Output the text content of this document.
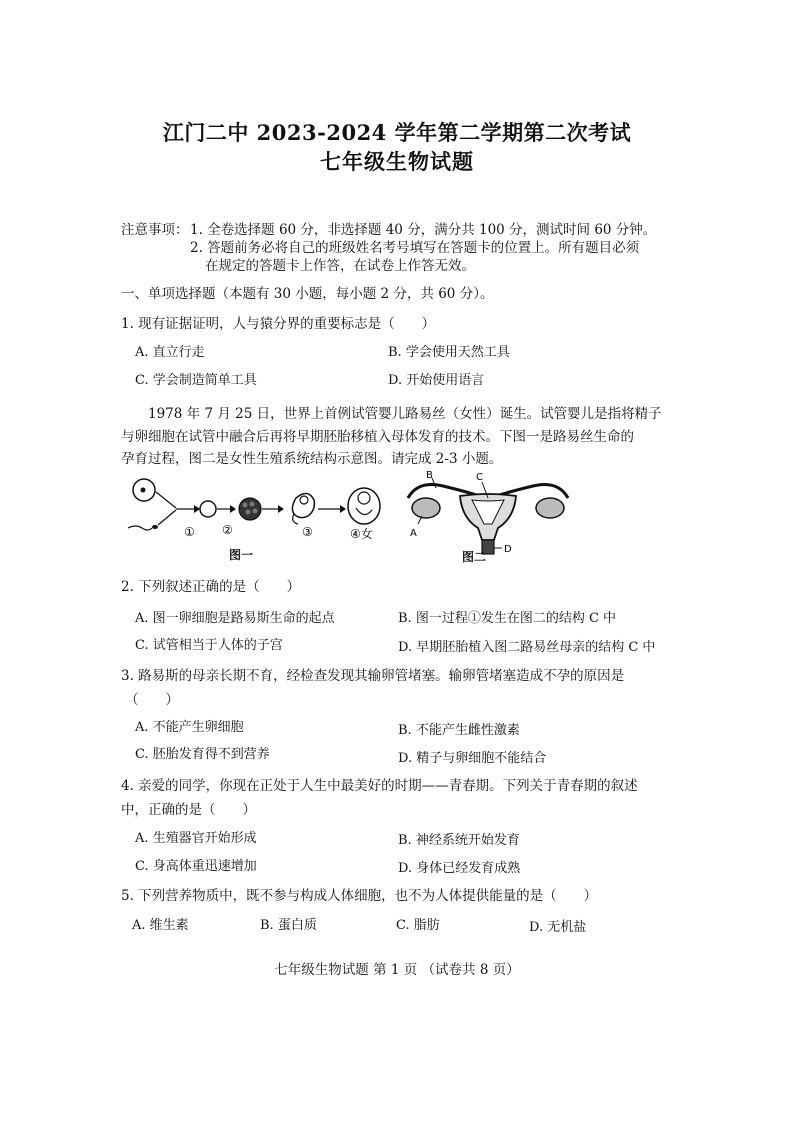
江门二中 2023-2024 学年第二学期第二次考试
七年级生物试题
注意事项： 1. 全卷选择题 60 分，非选择题 40 分，满分共 100 分，测试时间 60 分钟。
2. 答题前务必将自己的班级姓名考号填写在答题卡的位置上。所有题目必须
在规定的答题卡上作答，在试卷上作答无效。
一、单项选择题（本题有 30 小题，每小题 2 分，共 60 分）。
1. 现有证据证明，人与猿分界的重要标志是（　　）
A. 直立行走	B. 学会使用天然工具
C. 学会制造简单工具	D. 开始使用语言
1978 年 7 月 25 日，世界上首例试管婴儿路易丝（女性）诞生。试管婴儿是指将精子
与卵细胞在试管中融合后再将早期胚胎移植入母体发育的技术。下图一是路易丝生命的
孕育过程，图二是女性生殖系统结构示意图。请完成 2-3 小题。
① ②	③	④女
图一
B	C
A
D
图二
2. 下列叙述正确的是（　　）
A. 图一卵细胞是路易斯生命的起点	B. 图一过程①发生在图二的结构 C 中
C. 试管相当于人体的子宫	D. 早期胚胎植入图二路易丝母亲的结构 C 中
3. 路易斯的母亲长期不育，经检查发现其输卵管堵塞。输卵管堵塞造成不孕的原因是
（　　）
A. 不能产生卵细胞	B. 不能产生雌性激素
C. 胚胎发育得不到营养	D. 精子与卵细胞不能结合
4. 亲爱的同学，你现在正处于人生中最美好的时期——青春期。下列关于青春期的叙述
中，正确的是（　　）
A. 生殖器官开始形成	B. 神经系统开始发育
C. 身高体重迅速增加	D. 身体已经发育成熟
5. 下列营养物质中，既不参与构成人体细胞，也不为人体提供能量的是（　　）
A. 维生素	B. 蛋白质	C. 脂肪	D. 无机盐
七年级生物试题 第 1 页 （试卷共 8 页）
